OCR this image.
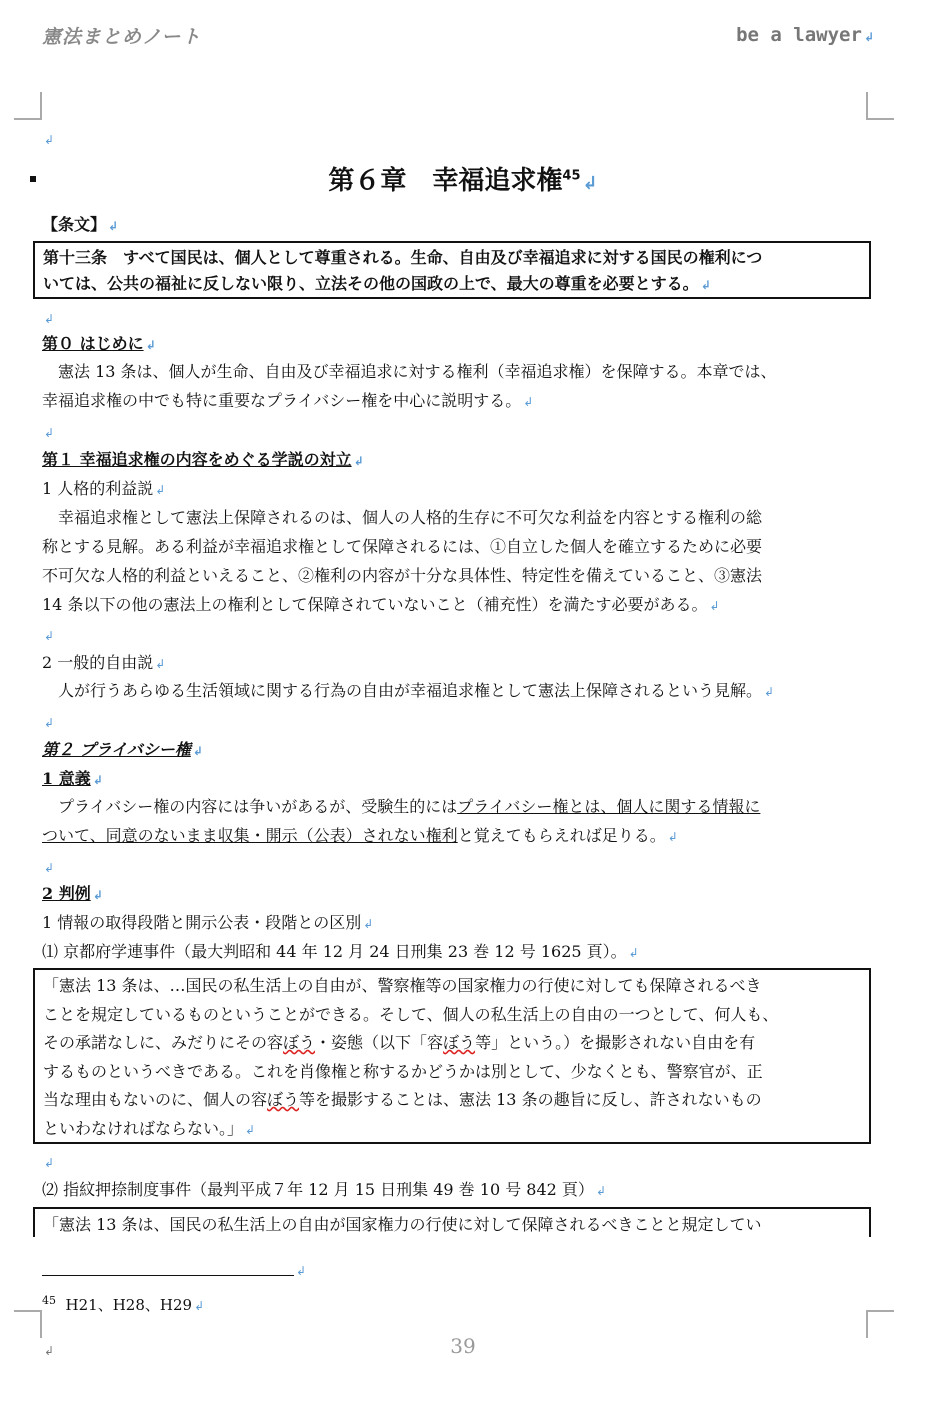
憲法まとめノート	be a lawyer ↲
↲
第６章　幸福追求権$^{45}$ ↲
【条文】 ↲
第十三条　すべて国民は、個人として尊重される。生命、自由及び幸福追求に対する国民の権利につ
いては、公共の福祉に反しない限り、立法その他の国政の上で、最大の尊重を必要とする。 ↲
↲
第０ はじめに ↲
　憲法 13 条は、個人が生命、自由及び幸福追求に対する権利（幸福追求権）を保障する。本章では、
幸福追求権の中でも特に重要なプライバシー権を中心に説明する。 ↲
↲
第１ 幸福追求権の内容をめぐる学説の対立 ↲
1 人格的利益説 ↲
　幸福追求権として憲法上保障されるのは、個人の人格的生存に不可欠な利益を内容とする権利の総
称とする見解。ある利益が幸福追求権として保障されるには、①自立した個人を確立するために必要
不可欠な人格的利益といえること、②権利の内容が十分な具体性、特定性を備えていること、③憲法
14 条以下の他の憲法上の権利として保障されていないこと（補充性）を満たす必要がある。 ↲
↲
2 一般的自由説 ↲
　人が行うあらゆる生活領域に関する行為の自由が幸福追求権として憲法上保障されるという見解。 ↲
↲
第２ プライバシー権 ↲
1 意義 ↲
　プライバシー権の内容には争いがあるが、受験生的にはプライバシー権とは、個人に関する情報に
ついて、同意のないまま収集・開示（公表）されない権利と覚えてもらえれば足りる。 ↲
↲
2 判例 ↲
1 情報の取得段階と開示公表・段階との区別 ↲
⑴ 京都府学連事件（最大判昭和 44 年 12 月 24 日刑集 23 巻 12 号 1625 頁）。 ↲
「憲法 13 条は、…国民の私生活上の自由が、警察権等の国家権力の行使に対しても保障されるべき
ことを規定しているものということができる。そして、個人の私生活上の自由の一つとして、何人も、
その承諾なしに、みだりにその容ぼう・姿態（以下「容ぼう等」という。）を撮影されない自由を有
するものというべきである。これを肖像権と称するかどうかは別として、少なくとも、警察官が、正
当な理由もないのに、個人の容ぼう等を撮影することは、憲法 13 条の趣旨に反し、許されないもの
といわなければならない。」 ↲
↲
⑵ 指紋押捺制度事件（最判平成７年 12 月 15 日刑集 49 巻 10 号 842 頁） ↲
「憲法 13 条は、国民の私生活上の自由が国家権力の行使に対して保障されるべきことと規定してい
↲
$^{45}$ H21、H28、H29 ↲
↲	39
